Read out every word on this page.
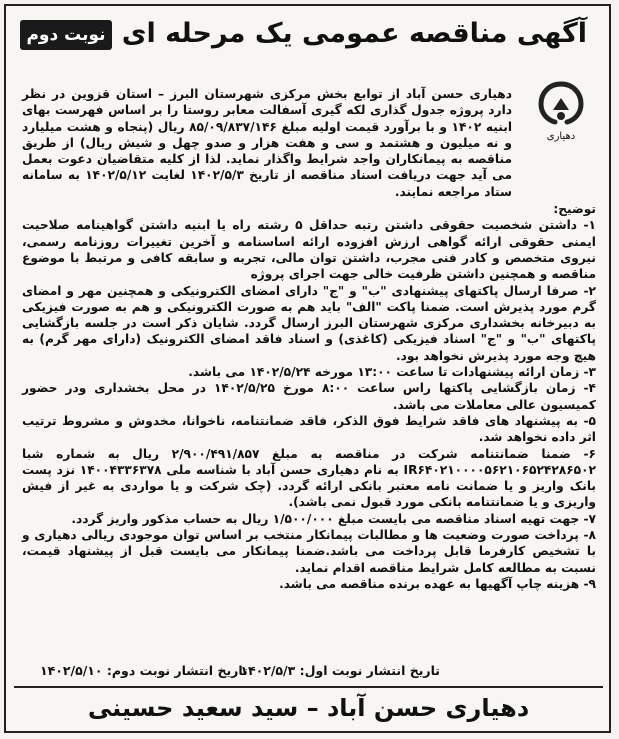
آگهی مناقصه عمومی یک مرحله ای
نوبت دوم
دهیاری

دهیاری حسن آباد از توابع بخش مرکزی شهرستان البرز – استان قزوین در نظر دارد پروژه جدول گذاری لکه گیری آسفالت معابر روستا را بر اساس فهرست بهای ابنیه ۱۴۰۲ و با برآورد قیمت اولیه مبلغ ۸۵/۰۹/۸۳۷/۱۴۶ ریال (پنجاه و هشت میلیارد و نه میلیون و هشتمد و سی و هفت هزار و صدو چهل و شیش ریال) از طریق مناقصه به پیمانکاران واجد شرایط واگذار نماید. لذا از کلیه متقاضیان دعوت بعمل می آید جهت دریافت اسناد مناقصه از تاریخ ۱۴۰۲/۵/۳ لغایت ۱۴۰۲/۵/۱۲ به سامانه ستاد مراجعه نمایند.

توضیح:

۱- داشتن شخصیت حقوقی داشتن رتبه حداقل ۵ رشته راه یا ابنیه داشتن گواهینامه صلاحیت ایمنی حقوقی ارائه گواهی ارزش افزوده ارائه اساسنامه و آخرین تغییرات روزنامه رسمی، نیروی متخصص و کادر فنی مجرب، داشتن توان مالی، تجربه و سابقه کافی و مرتبط با موضوع مناقصه و همچنین داشتن ظرفیت خالی جهت اجرای پروژه

۲- صرفا ارسال پاکتهای پیشنهادی "ب" و "ج" دارای امضای الکترونیکی و همچنین مهر و امضای گرم مورد پذیرش است. ضمنا پاکت "الف" باید هم به صورت الکترونیکی و هم به صورت فیزیکی به دبیرخانه بخشداری مرکزی شهرستان البرز ارسال گردد. شایان ذکر است در جلسه بازگشایی پاکتهای "ب" و "ج" اسناد فیزیکی (کاغذی) و اسناد فاقد امضای الکترونیک (دارای مهر گرم) به هیچ وجه مورد پذیرش نخواهد بود.

۳- زمان ارائه پیشنهادات تا ساعت ۱۳:۰۰ مورخه ۱۴۰۲/۵/۲۴ می باشد.

۴- زمان بازگشایی پاکتها راس ساعت ۸:۰۰ مورخ ۱۴۰۲/۵/۲۵ در محل بخشداری ودر حضور کمیسیون عالی معاملات می باشد.

۵- به پیشنهاد های فاقد شرایط فوق الذکر، فاقد ضمانتنامه، ناخوانا، مخدوش و مشروط ترتیب اثر داده نخواهد شد.

۶- ضمنا ضمانتنامه شرکت در مناقصه به مبلغ ۲/۹۰۰/۴۹۱/۸۵۷ ریال به شماره شبا IR۶۴۰۲۱۰۰۰۰۵۶۲۱۰۶۵۲۴۲۸۶۵۰۲ به نام دهیاری حسن آباد با شناسه ملی ۱۴۰۰۴۳۳۶۳۷۸ نزد پست بانک واریز و یا ضمانت نامه معتبر بانکی ارائه گردد. (چک شرکت و یا مواردی به غیر از فیش واریزی و یا ضمانتنامه بانکی مورد قبول نمی باشد).

۷- جهت تهیه اسناد مناقصه می بایست مبلغ ۱/۵۰۰/۰۰۰ ریال به حساب مذکور واریز گردد.

۸- پرداخت صورت وضعیت ها و مطالبات پیمانکار منتخب بر اساس توان موجودی ریالی دهیاری و با تشخیص کارفرما قابل پرداخت می باشد.ضمنا پیمانکار می بایست قبل از پیشنهاد قیمت، نسبت به مطالعه کامل شرایط مناقصه اقدام نماید.

۹- هزینه چاپ آگهیها به عهده برنده مناقصه می باشد.

تاریخ انتشار نوبت اول: ۱۴۰۲/۵/۳
تاریخ انتشار نوبت دوم: ۱۴۰۲/۵/۱۰
دهیاری حسن آباد – سید سعید حسینی
